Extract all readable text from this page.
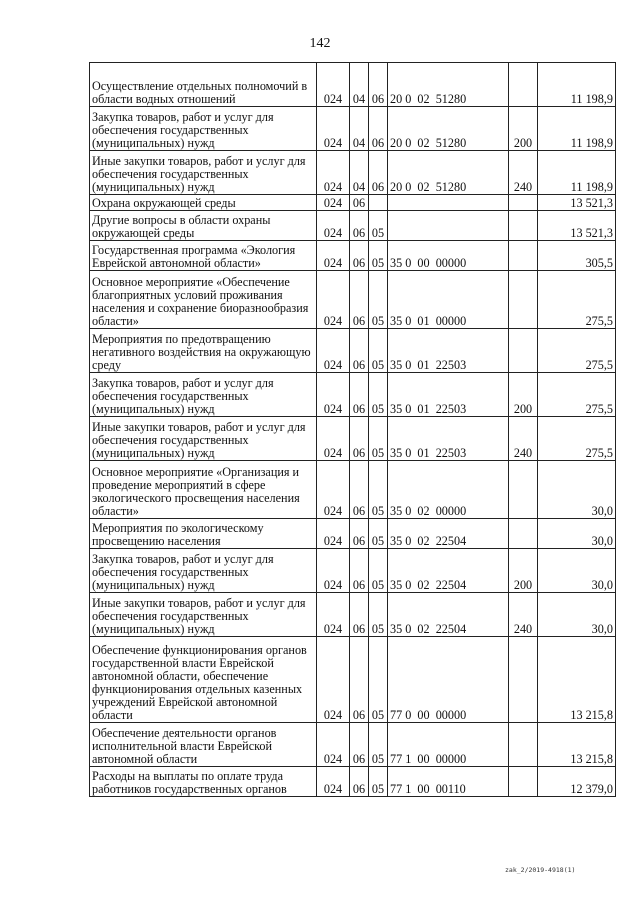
142
Осуществление отдельных полномочий в области водных отношений	024	04	06	20 0  02  51280		11 198,9
Закупка товаров, работ и услуг для обеспечения государственных (муниципальных) нужд	024	04	06	20 0  02  51280	200	11 198,9
Иные закупки товаров, работ и услуг для обеспечения государственных (муниципальных) нужд	024	04	06	20 0  02  51280	240	11 198,9
Охрана окружающей среды	024	06				13 521,3
Другие вопросы в области охраны окружающей среды	024	06	05			13 521,3
Государственная программа «Экология Еврейской автономной области»	024	06	05	35 0  00  00000		305,5
Основное мероприятие «Обеспечение благоприятных условий проживания населения и сохранение биоразнообразия области»	024	06	05	35 0  01  00000		275,5
Мероприятия по предотвращению негативного воздействия на окружающую среду	024	06	05	35 0  01  22503		275,5
Закупка товаров, работ и услуг для обеспечения государственных (муниципальных) нужд	024	06	05	35 0  01  22503	200	275,5
Иные закупки товаров, работ и услуг для обеспечения государственных (муниципальных) нужд	024	06	05	35 0  01  22503	240	275,5
Основное мероприятие «Организация и проведение мероприятий в сфере экологического просвещения населения области»	024	06	05	35 0  02  00000		30,0
Мероприятия по экологическому просвещению населения	024	06	05	35 0  02  22504		30,0
Закупка товаров, работ и услуг для обеспечения государственных (муниципальных) нужд	024	06	05	35 0  02  22504	200	30,0
Иные закупки товаров, работ и услуг для обеспечения государственных (муниципальных) нужд	024	06	05	35 0  02  22504	240	30,0
Обеспечение функционирования органов государственной власти Еврейской автономной области, обеспечение функционирования отдельных казенных учреждений Еврейской автономной области	024	06	05	77 0  00  00000		13 215,8
Обеспечение деятельности органов исполнительной власти Еврейской автономной области	024	06	05	77 1  00  00000		13 215,8
Расходы на выплаты по оплате труда работников государственных органов	024	06	05	77 1  00  00110		12 379,0
zak_2/2019-4918(1)
